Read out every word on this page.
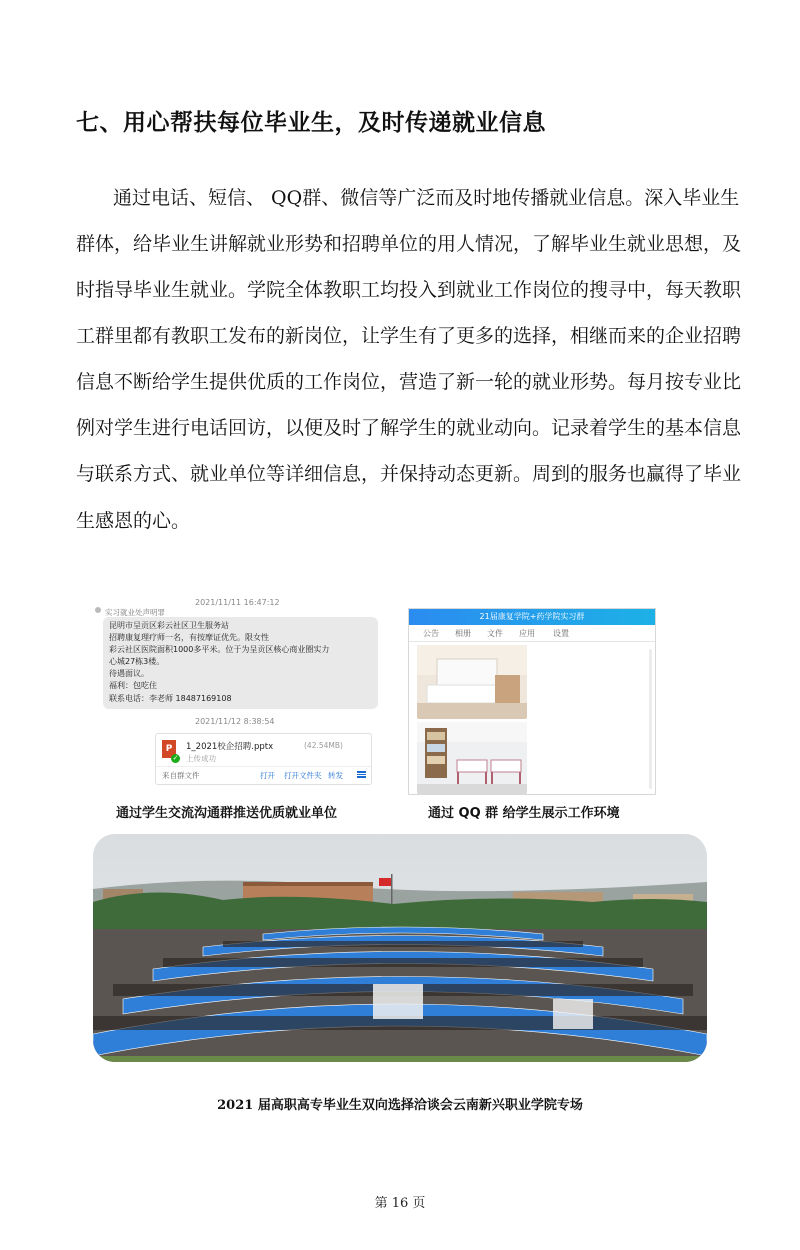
七、用心帮扶每位毕业生，及时传递就业信息
通过电话、短信、 QQ群、微信等广泛而及时地传播就业信息。深入毕业生
群体，给毕业生讲解就业形势和招聘单位的用人情况，了解毕业生就业思想，及
时指导毕业生就业。学院全体教职工均投入到就业工作岗位的搜寻中，每天教职
工群里都有教职工发布的新岗位，让学生有了更多的选择，相继而来的企业招聘
信息不断给学生提供优质的工作岗位，营造了新一轮的就业形势。每月按专业比
例对学生进行电话回访，以便及时了解学生的就业动向。记录着学生的基本信息
与联系方式、就业单位等详细信息，并保持动态更新。周到的服务也赢得了毕业
生感恩的心。
2021/11/11 16:47:12
实习就业处声明罪
昆明市呈贡区彩云社区卫生服务站
招聘康复理疗师一名，有按摩证优先。限女性
彩云社区医院面积1000多平米。位于为呈贡区核心商业圈实力
心城27栋3楼。
待遇面议。
福利：包吃住
联系电话：李老师 18487169108
2021/11/12 8:38:54
P
✓
1_2021校企招聘.pptx	(42.54MB)
上传成功
来自群文件	打开 打开文件夹 转发
21届康复学院+药学院实习群
公告 相册 文件 应用 设置
通过学生交流沟通群推送优质就业单位	通过 QQ 群 给学生展示工作环境
2021 届高职高专毕业生双向选择洽谈会云南新兴职业学院专场
第 16 页
